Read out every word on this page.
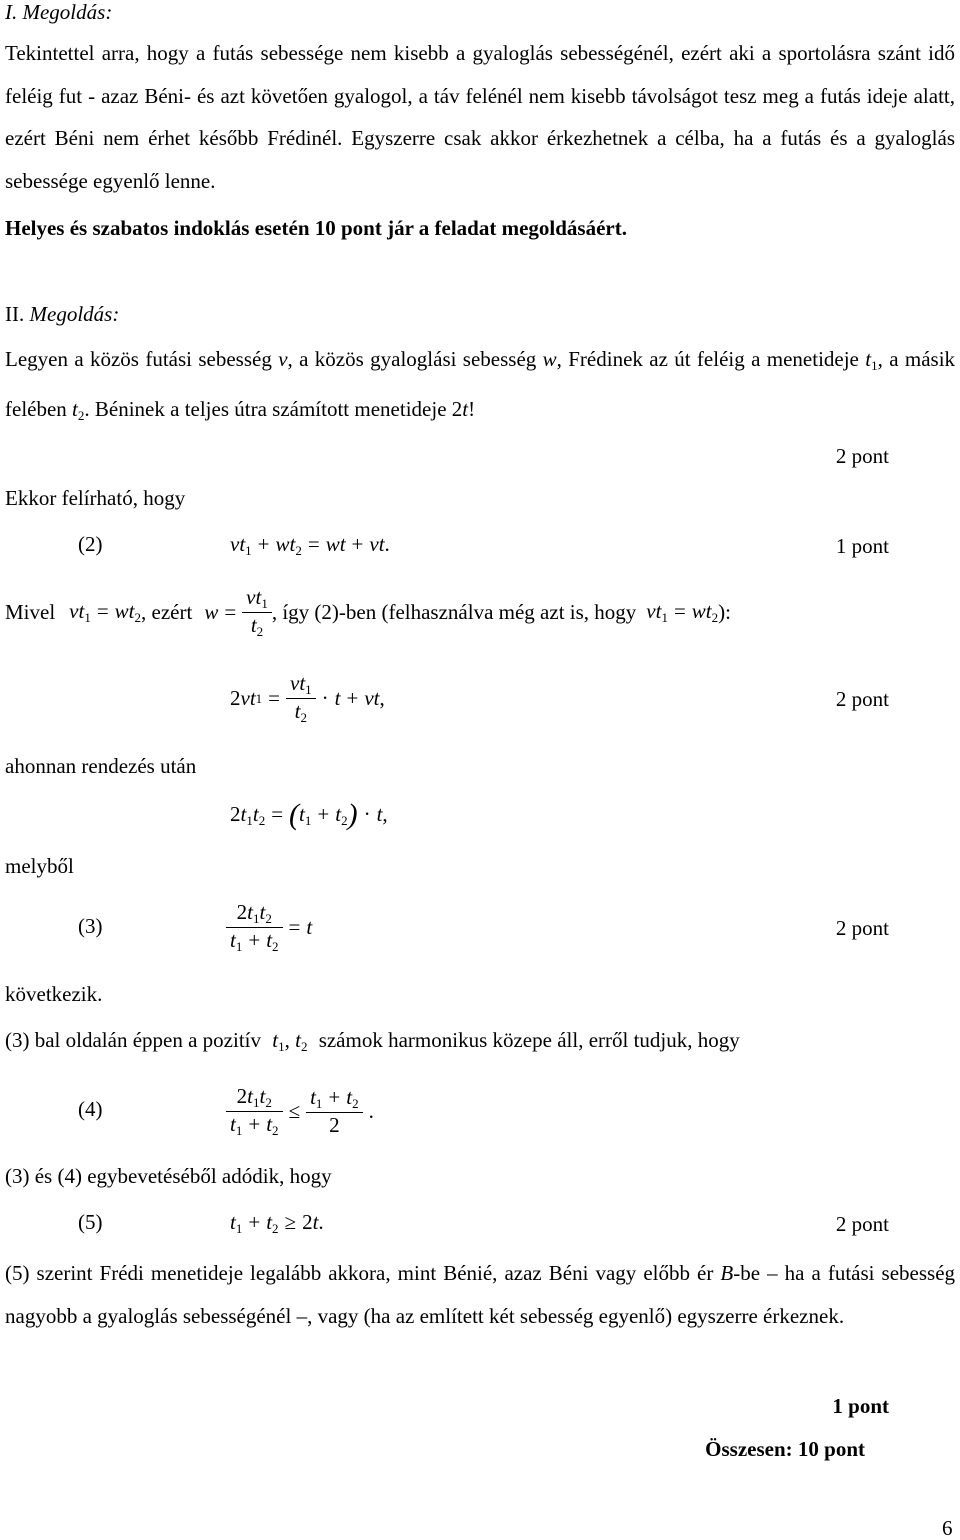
I. Megoldás:
Tekintettel arra, hogy a futás sebessége nem kisebb a gyaloglás sebességénél, ezért aki a sportolásra szánt idő feléig fut - azaz Béni- és azt követően gyalogol, a táv felénél nem kisebb távolságot tesz meg a futás ideje alatt, ezért Béni nem érhet később Frédinél. Egyszerre csak akkor érkezhetnek a célba, ha a futás és a gyaloglás sebessége egyenlő lenne.
Helyes és szabatos indoklás esetén 10 pont jár a feladat megoldásáért.
II. Megoldás:
Legyen a közös futási sebesség v, a közös gyaloglási sebesség w, Frédinek az út feléig a menetideje $t_1$, a másik felében $t_2$. Béninek a teljes útra számított menetideje 2t!
2 pont
Ekkor felírható, hogy
(2)	$vt_1 + wt_2$ = wt + vt.	1 pont
Mivel $vt_1 = wt_2$ , ezért $w = \frac{vt_1}{t_2}$ , így (2)-ben (felhasználva még azt is, hogy $vt_1 = wt_2$ ):
2 vt $1 = \frac{vt_1}{t_2} \cdot t$ + vt ,	2 pont
ahonnan rendezés után
$2t_1t_2 = (t_1 + t_2) \cdot t$,
melyből
(3)	$\frac{2t_1t_2}{t_1 + t_2} = t$	2 pont
következik.
(3) bal oldalán éppen a pozitív $t_1$, $t_2$ számok harmonikus közepe áll, erről tudjuk, hogy
(4)	$\frac{2t_1t_2}{t_1 + t_2} \le \frac{t_1 + t_2}{2}$ .
(3) és (4) egybevetéséből adódik, hogy
(5)	$t_1 + t_2 \ge 2t$.	2 pont
(5) szerint Frédi menetideje legalább akkora, mint Bénié, azaz Béni vagy előbb ér B-be – ha a futási sebesség nagyobb a gyaloglás sebességénél –, vagy (ha az említett két sebesség egyenlő) egyszerre érkeznek.
1 pont
Összesen: 10 pont
6
